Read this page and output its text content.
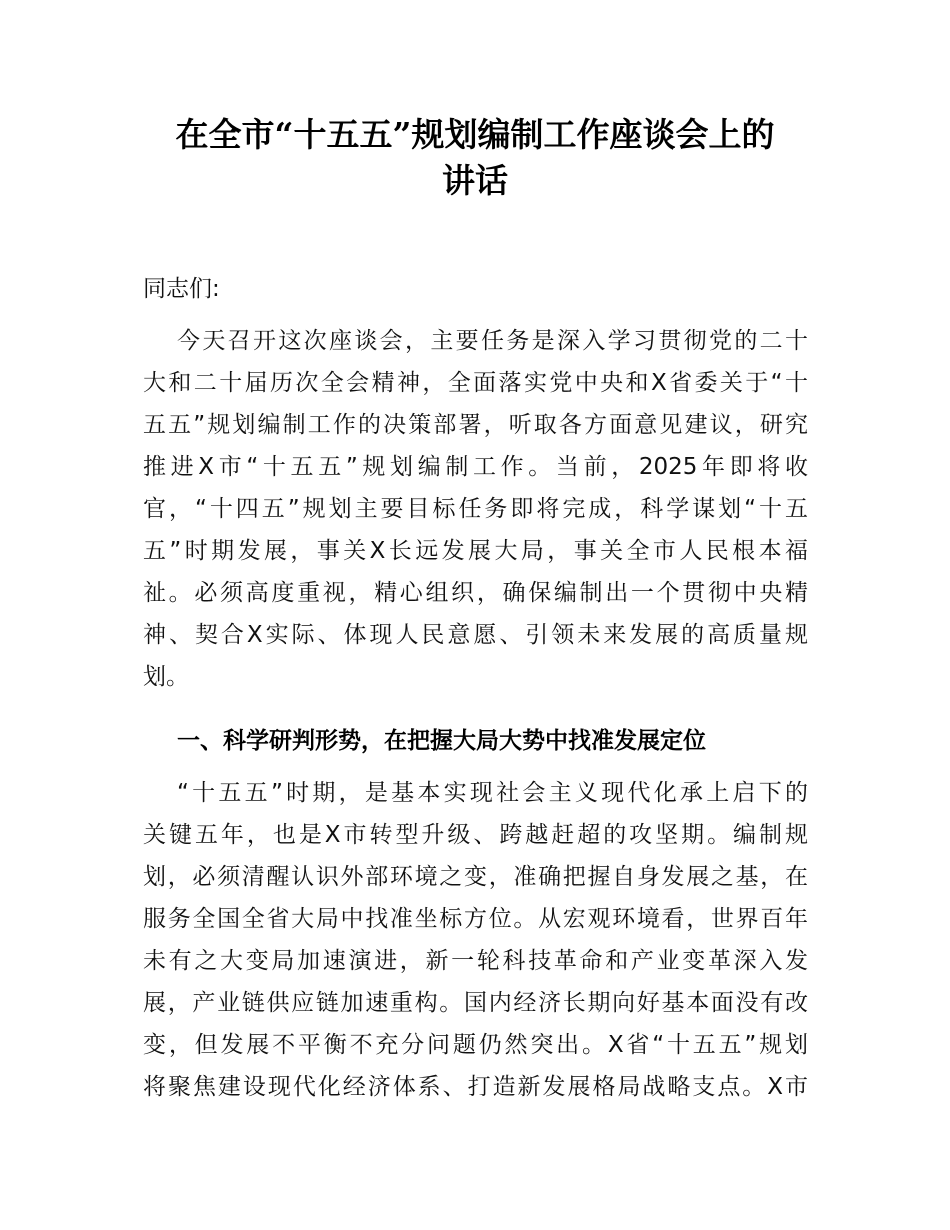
在全市“十五五”规划编制工作座谈会上的
讲话
同志们:
今天召开这次座谈会，主要任务是深入学习贯彻党的二十
大和二十届历次全会精神，全面落实党中央和X省委关于“十
五五”规划编制工作的决策部署，听取各方面意见建议，研究
推进X市“十五五”规划编制工作。当前，2025年即将收
官，“十四五”规划主要目标任务即将完成，科学谋划“十五
五”时期发展，事关X长远发展大局，事关全市人民根本福
祉。必须高度重视，精心组织，确保编制出一个贯彻中央精
神、契合X实际、体现人民意愿、引领未来发展的高质量规
划。
一、科学研判形势，在把握大局大势中找准发展定位
“十五五”时期，是基本实现社会主义现代化承上启下的
关键五年，也是X市转型升级、跨越赶超的攻坚期。编制规
划，必须清醒认识外部环境之变，准确把握自身发展之基，在
服务全国全省大局中找准坐标方位。从宏观环境看，世界百年
未有之大变局加速演进，新一轮科技革命和产业变革深入发
展，产业链供应链加速重构。国内经济长期向好基本面没有改
变，但发展不平衡不充分问题仍然突出。X省“十五五”规划
将聚焦建设现代化经济体系、打造新发展格局战略支点。X市
